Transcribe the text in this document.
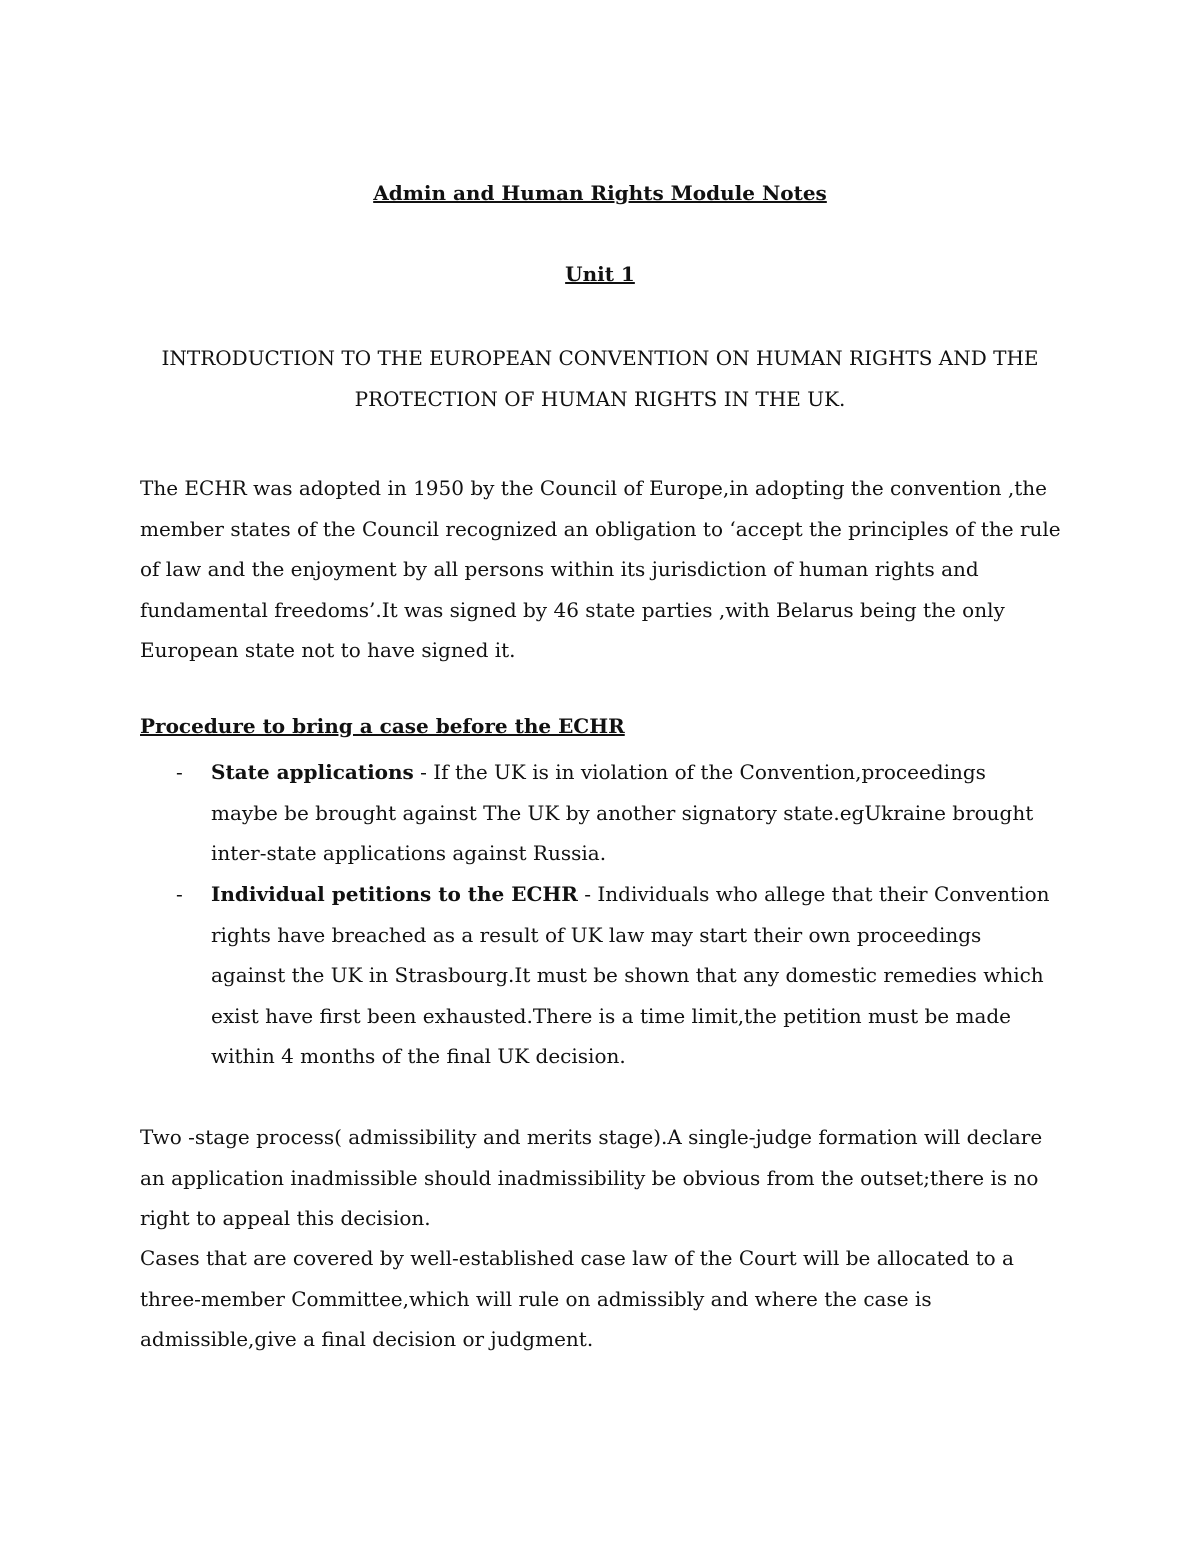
Admin and Human Rights Module Notes
Unit 1

INTRODUCTION TO THE EUROPEAN CONVENTION ON HUMAN RIGHTS AND THE PROTECTION OF HUMAN RIGHTS IN THE UK.

The ECHR was adopted in 1950 by the Council of Europe,in adopting the convention ,the member states of the Council recognized an obligation to ‘accept the principles of the rule of law and the enjoyment by all persons within its jurisdiction of human rights and fundamental freedoms’.It was signed by 46 state parties ,with Belarus being the only European state not to have signed it.

Procedure to bring a case before the ECHR

- State applications - If the UK is in violation of the Convention,proceedings maybe be brought against The UK by another signatory state.egUkraine brought inter-state applications against Russia.
- Individual petitions to the ECHR - Individuals who allege that their Convention rights have breached as a result of UK law may start their own proceedings against the UK in Strasbourg.It must be shown that any domestic remedies which exist have first been exhausted.There is a time limit,the petition must be made within 4 months of the final UK decision.

Two -stage process( admissibility and merits stage).A single-judge formation will declare an application inadmissible should inadmissibility be obvious from the outset;there is no right to appeal this decision.

Cases that are covered by well-established case law of the Court will be allocated to a three-member Committee,which will rule on admissibly and where the case is admissible,give a final decision or judgment.
